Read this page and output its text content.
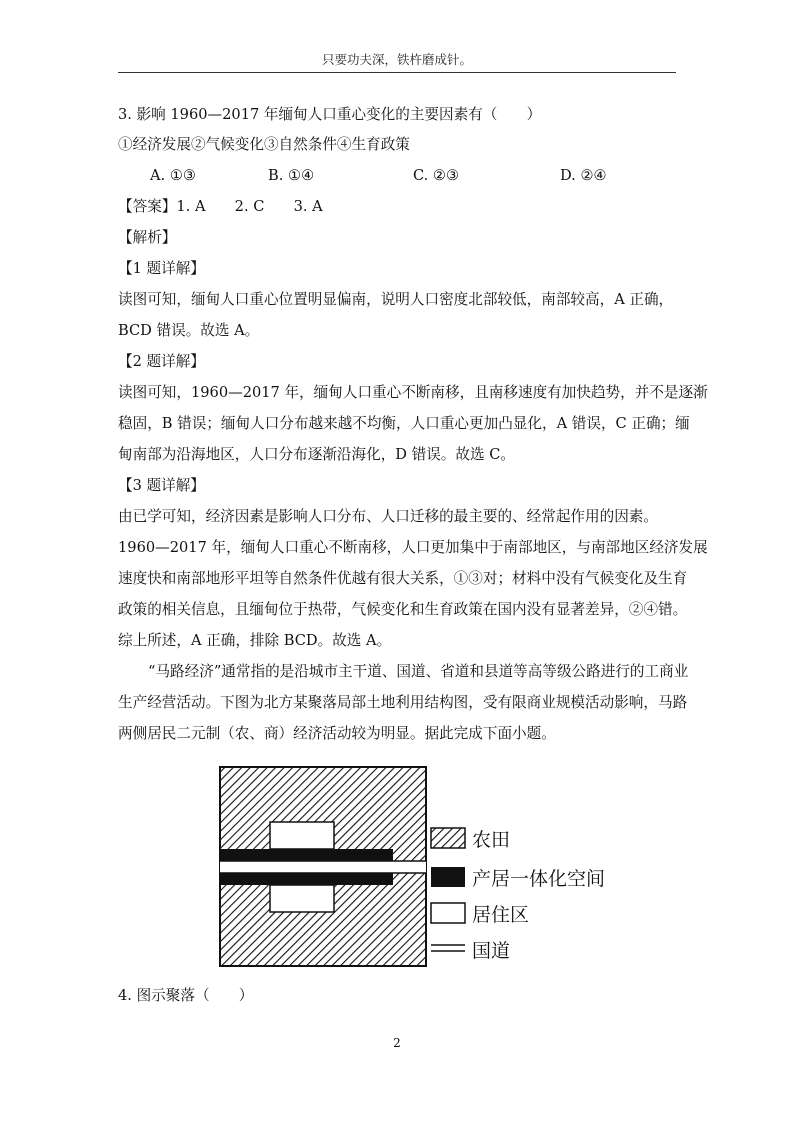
只要功夫深，铁杵磨成针。
3. 影响 1960—2017 年缅甸人口重心变化的主要因素有（　　）
①经济发展②气候变化③自然条件④生育政策
A. ①③	B. ①④	C. ②③	D. ②④
【答案】1. A　　2. C　　3. A
【解析】
【1 题详解】
读图可知，缅甸人口重心位置明显偏南，说明人口密度北部较低，南部较高，A 正确，
BCD 错误。故选 A。
【2 题详解】
读图可知，1960—2017 年，缅甸人口重心不断南移，且南移速度有加快趋势，并不是逐渐
稳固，B 错误；缅甸人口分布越来越不均衡，人口重心更加凸显化，A 错误，C 正确；缅
甸南部为沿海地区，人口分布逐渐沿海化，D 错误。故选 C。
【3 题详解】
由已学可知，经济因素是影响人口分布、人口迁移的最主要的、经常起作用的因素。
1960—2017 年，缅甸人口重心不断南移，人口更加集中于南部地区，与南部地区经济发展
速度快和南部地形平坦等自然条件优越有很大关系，①③对；材料中没有气候变化及生育
政策的相关信息，且缅甸位于热带，气候变化和生育政策在国内没有显著差异，②④错。
综上所述，A 正确，排除 BCD。故选 A。
“马路经济”通常指的是沿城市主干道、国道、省道和县道等高等级公路进行的工商业
生产经营活动。下图为北方某聚落局部土地利用结构图，受有限商业规模活动影响，马路
两侧居民二元制（农、商）经济活动较为明显。据此完成下面小题。
农田
产居一体化空间
居住区
国道
4. 图示聚落（　　）
2
